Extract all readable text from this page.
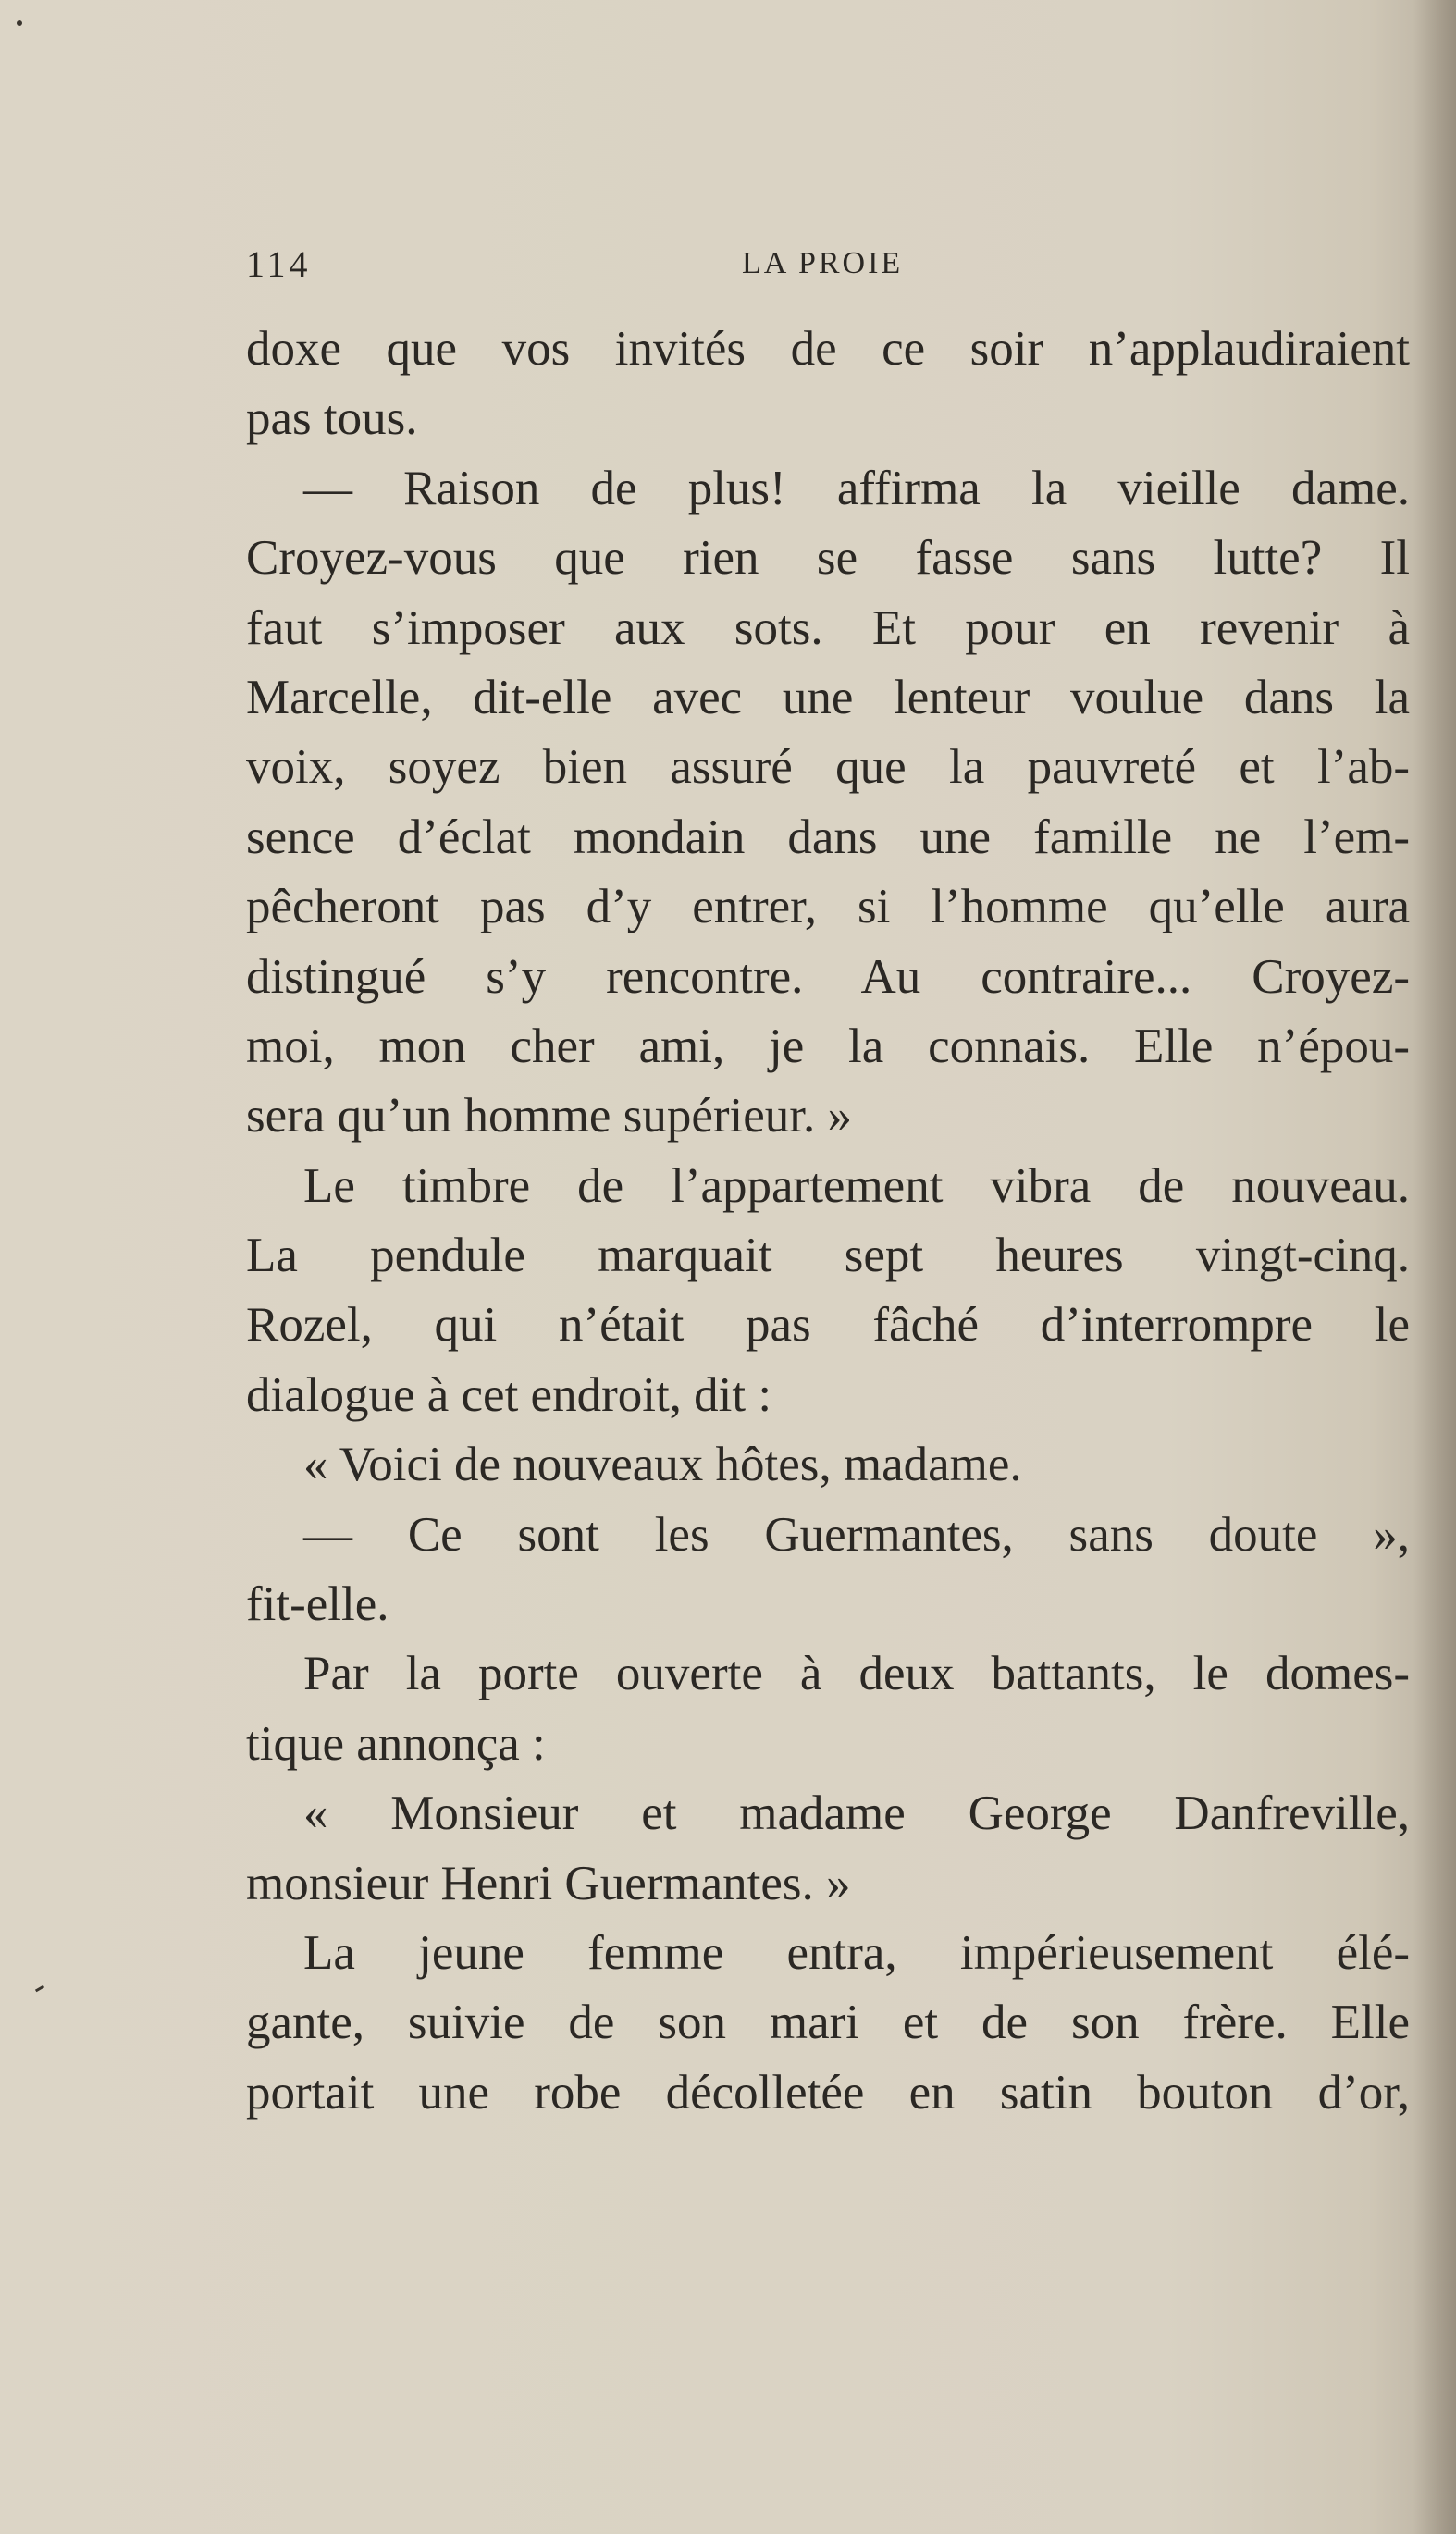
114	LA PROIE
doxe que vos invités de ce soir n’applaudiraient
pas tous.
— Raison de plus! affirma la vieille dame.
Croyez-vous que rien se fasse sans lutte? Il
faut s’imposer aux sots. Et pour en revenir à
Marcelle, dit-elle avec une lenteur voulue dans la
voix, soyez bien assuré que la pauvreté et l’ab-
sence d’éclat mondain dans une famille ne l’em-
pêcheront pas d’y entrer, si l’homme qu’elle aura
distingué s’y rencontre. Au contraire... Croyez-
moi, mon cher ami, je la connais. Elle n’épou-
sera qu’un homme supérieur. »
Le timbre de l’appartement vibra de nouveau.
La pendule marquait sept heures vingt-cinq.
Rozel, qui n’était pas fâché d’interrompre le
dialogue à cet endroit, dit :
« Voici de nouveaux hôtes, madame.
— Ce sont les Guermantes, sans doute »,
fit-elle.
Par la porte ouverte à deux battants, le domes-
tique annonça :
« Monsieur et madame George Danfreville,
monsieur Henri Guermantes. »
La jeune femme entra, impérieusement élé-
gante, suivie de son mari et de son frère. Elle
portait une robe décolletée en satin bouton d’or,
